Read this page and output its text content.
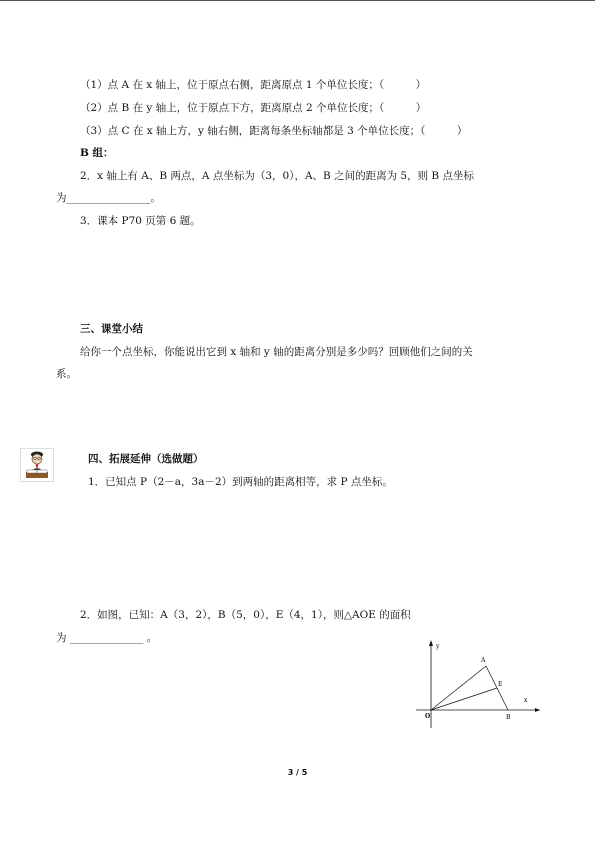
（1）点 A 在 x 轴上，位于原点右侧，距离原点 1 个单位长度；（　　　）
（2）点 B 在 y 轴上，位于原点下方，距离原点 2 个单位长度；（　　　）
（3）点 C 在 x 轴上方，y 轴右侧，距离每条坐标轴都是 3 个单位长度；（　　　）
B 组：
2．x 轴上有 A、B 两点，A 点坐标为（3，0），A、B 之间的距离为 5，则 B 点坐标
为________________。
3．课本 P70 页第 6 题。
三、课堂小结
给你一个点坐标，你能说出它到 x 轴和 y 轴的距离分别是多少吗？回顾他们之间的关
系。
四、拓展延伸（选做题）
1．已知点 P（2－a，3a－2）到两轴的距离相等，求 P 点坐标。
2．如图，已知：A（3，2），B（5，0），E（4，1），则△AOE 的面积
为 ______________ 。
y
x
A
E
O	B
3 / 5
